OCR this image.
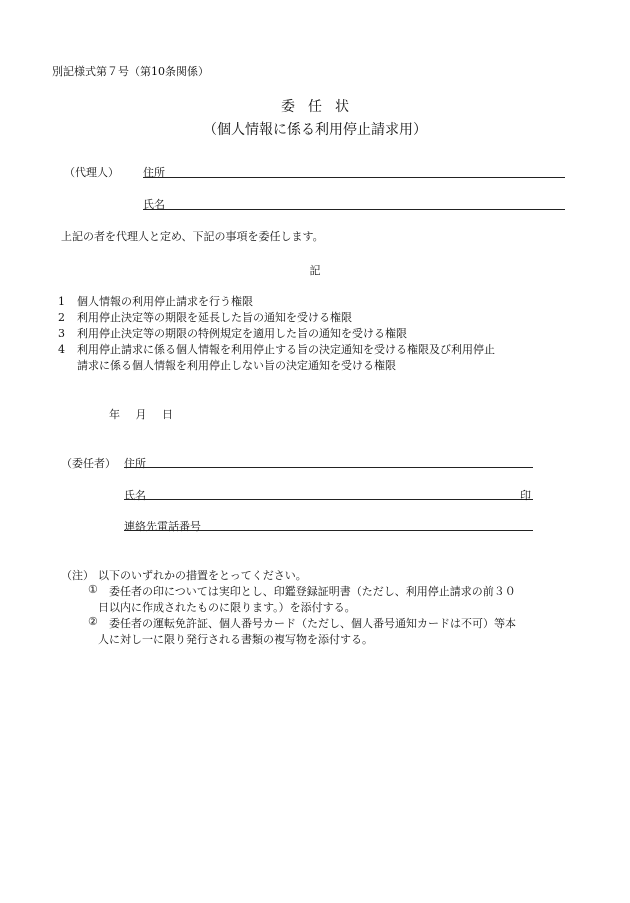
別記様式第７号（第10条関係）
委任状
（個人情報に係る利用停止請求用）
（代理人） 住所
氏名
上記の者を代理人と定め、下記の事項を委任します。
記
1 個人情報の利用停止請求を行う権限
2 利用停止決定等の期限を延長した旨の通知を受ける権限
3 利用停止決定等の期限の特例規定を適用した旨の通知を受ける権限
4 利用停止請求に係る個人情報を利用停止する旨の決定通知を受ける権限及び利用停止
請求に係る個人情報を利用停止しない旨の決定通知を受ける権限
年 月 日
（委任者） 住所
氏名	印
連絡先電話番号
（注） 以下のいずれかの措置をとってください。
① 委任者の印については実印とし、印鑑登録証明書（ただし、利用停止請求の前３０
日以内に作成されたものに限ります。）を添付する。
② 委任者の運転免許証、個人番号カード（ただし、個人番号通知カードは不可）等本
人に対し一に限り発行される書類の複写物を添付する。
